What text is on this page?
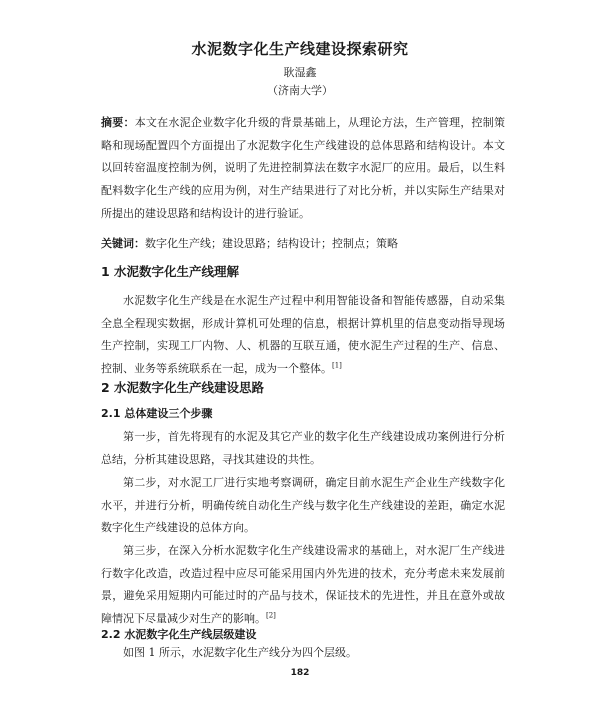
水泥数字化生产线建设探索研究
耿湿鑫
（济南大学）

摘要：本文在水泥企业数字化升级的背景基础上，从理论方法，生产管理，控制策略和现场配置四个方面提出了水泥数字化生产线建设的总体思路和结构设计。本文以回转窑温度控制为例，说明了先进控制算法在数字水泥厂的应用。最后，以生料配料数字化生产线的应用为例，对生产结果进行了对比分析，并以实际生产结果对所提出的建设思路和结构设计的进行验证。

关键词：数字化生产线；建设思路；结构设计；控制点；策略

1 水泥数字化生产线理解

水泥数字化生产线是在水泥生产过程中利用智能设备和智能传感器，自动采集全息全程现实数据，形成计算机可处理的信息，根据计算机里的信息变动指导现场生产控制，实现工厂内物、人、机器的互联互通，使水泥生产过程的生产、信息、控制、业务等系统联系在一起，成为一个整体。[1]

2 水泥数字化生产线建设思路
2.1 总体建设三个步骤

第一步，首先将现有的水泥及其它产业的数字化生产线建设成功案例进行分析总结，分析其建设思路，寻找其建设的共性。

第二步，对水泥工厂进行实地考察调研，确定目前水泥生产企业生产线数字化水平，并进行分析，明确传统自动化生产线与数字化生产线建设的差距，确定水泥数字化生产线建设的总体方向。

第三步，在深入分析水泥数字化生产线建设需求的基础上，对水泥厂生产线进行数字化改造，改造过程中应尽可能采用国内外先进的技术，充分考虑未来发展前景，避免采用短期内可能过时的产品与技术，保证技术的先进性，并且在意外或故障情况下尽量减少对生产的影响。[2]

2.2 水泥数字化生产线层级建设

如图 1 所示，水泥数字化生产线分为四个层级。

182
